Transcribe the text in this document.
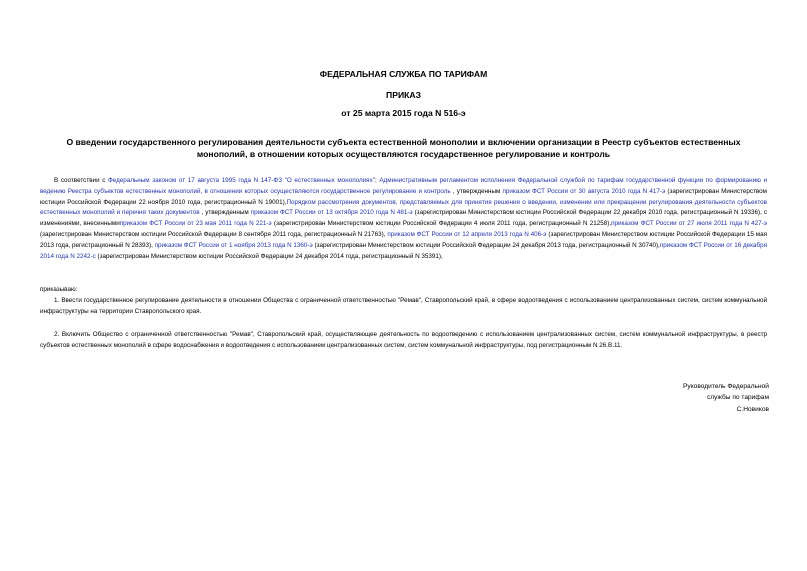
ФЕДЕРАЛЬНАЯ СЛУЖБА ПО ТАРИФАМ
ПРИКАЗ
от 25 марта 2015 года N 516-э
О введении государственного регулирования деятельности субъекта естественной монополии и включении организации в Реестр субъектов естественных монополий, в отношении которых осуществляются государственное регулирование и контроль
В соответствии с Федеральным законом от 17 августа 1995 года N 147-ФЗ "О естественных монополиях"; Административным регламентом исполнения Федеральной службой по тарифам государственной функции по формированию и ведению Реестра субъектов естественных монополий, в отношении которых осуществляются государственное регулирование и контроль , утвержденным приказом ФСТ России от 30 августа 2010 года N 417-э (зарегистрирован Министерством юстиции Российской Федерации 22 ноября 2010 года, регистрационный N 19001),Порядком рассмотрения документов, представляемых для принятия решения о введении, изменении или прекращении регулирования деятельности субъектов естественных монополий и перечня таких документов , утвержденным приказом ФСТ России от 13 октября 2010 года N 481-э (зарегистрирован Министерством юстиции Российской Федерации 22 декабря 2010 года, регистрационный N 19336), с изменениями, внесеннымиприказом ФСТ России от 23 мая 2011 года N 221-э (зарегистрирован Министерством юстиции Российской Федерации 4 июля 2011 года, регистрационный N 21258),приказом ФСТ России от 27 июля 2011 года N 427-э (зарегистрирован Министерством юстиции Российской Федерации 8 сентября 2011 года, регистрационный N 21763), приказом ФСТ России от 12 апреля 2013 года N 406-э (зарегистрирован Министерством юстиции Российской Федерации 15 мая 2013 года, регистрационный N 28393), приказом ФСТ России от 1 ноября 2013 года N 1360-э (зарегистрирован Министерством юстиции Российской Федерации 24 декабря 2013 года, регистрационный N 30740),приказом ФСТ России от 16 декабря 2014 года N 2242-с (зарегистрирован Министерством юстиции Российской Федерации 24 декабря 2014 года, регистрационный N 35391),
приказываю:
1. Ввести государственное регулирование деятельности в отношении Общества с ограниченной ответственностью "Ремав", Ставропольский край, в сфере водоотведения с использованием централизованных систем, систем коммунальной инфраструктуры на территории Ставропольского края.
2. Включить Общество с ограниченной ответственностью "Ремав", Ставропольский край, осуществляющее деятельность по водоотведению с использованием централизованных систем, систем коммунальной инфраструктуры, в реестр субъектов естественных монополий в сфере водоснабжения и водоотведения с использованием централизованных систем, систем коммунальной инфраструктуры, под регистрационным N 26.В.11.
Руководитель Федеральной
службы по тарифам
С.Новиков
